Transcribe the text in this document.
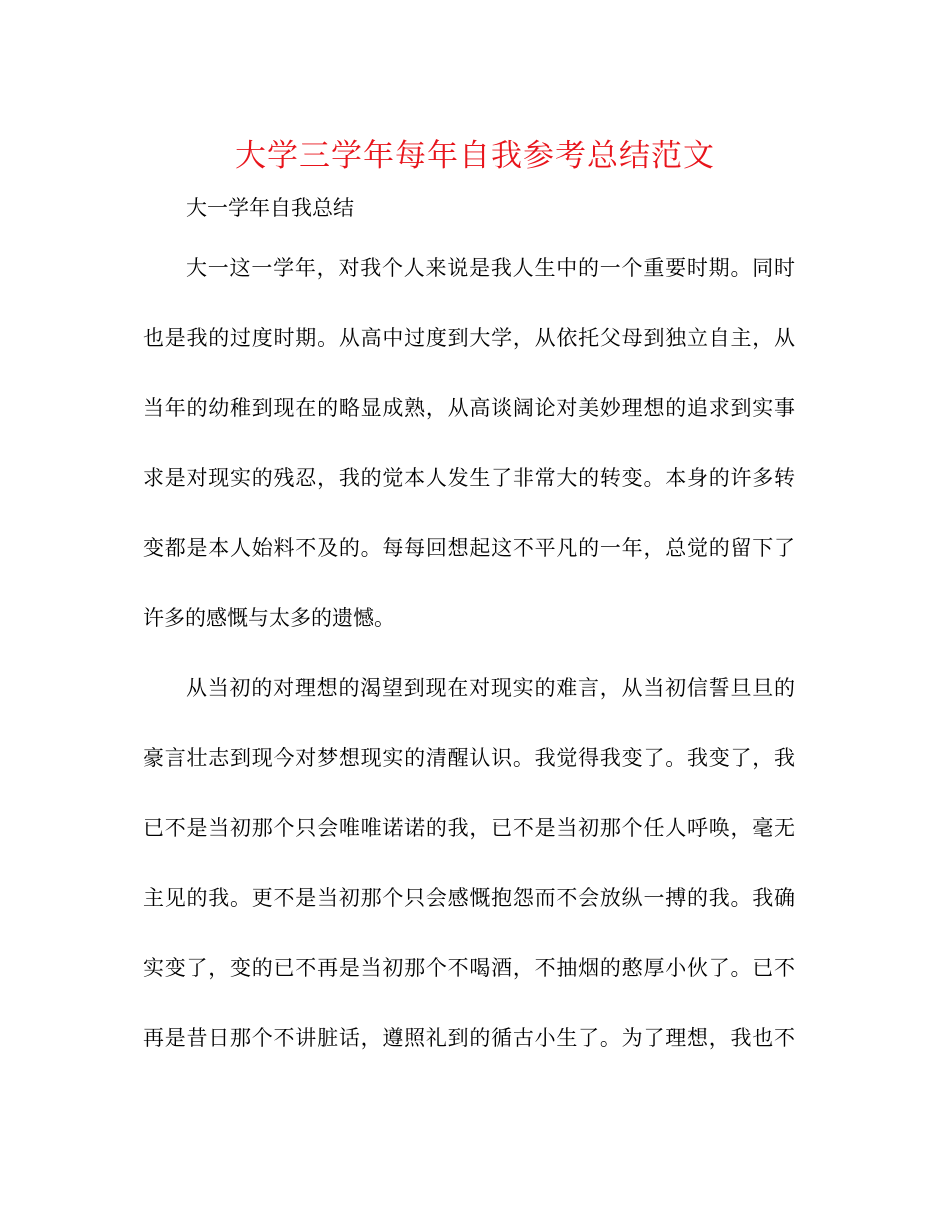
大学三学年每年自我参考总结范文
大一学年自我总结
大一这一学年，对我个人来说是我人生中的一个重要时期。同时
也是我的过度时期。从高中过度到大学，从依托父母到独立自主，从
当年的幼稚到现在的略显成熟，从高谈阔论对美妙理想的追求到实事
求是对现实的残忍，我的觉本人发生了非常大的转变。本身的许多转
变都是本人始料不及的。每每回想起这不平凡的一年，总觉的留下了
许多的感慨与太多的遗憾。
从当初的对理想的渴望到现在对现实的难言，从当初信誓旦旦的
豪言壮志到现今对梦想现实的清醒认识。我觉得我变了。我变了，我
已不是当初那个只会唯唯诺诺的我，已不是当初那个任人呼唤，毫无
主见的我。更不是当初那个只会感慨抱怨而不会放纵一搏的我。我确
实变了，变的已不再是当初那个不喝酒，不抽烟的憨厚小伙了。已不
再是昔日那个不讲脏话，遵照礼到的循古小生了。为了理想，我也不
